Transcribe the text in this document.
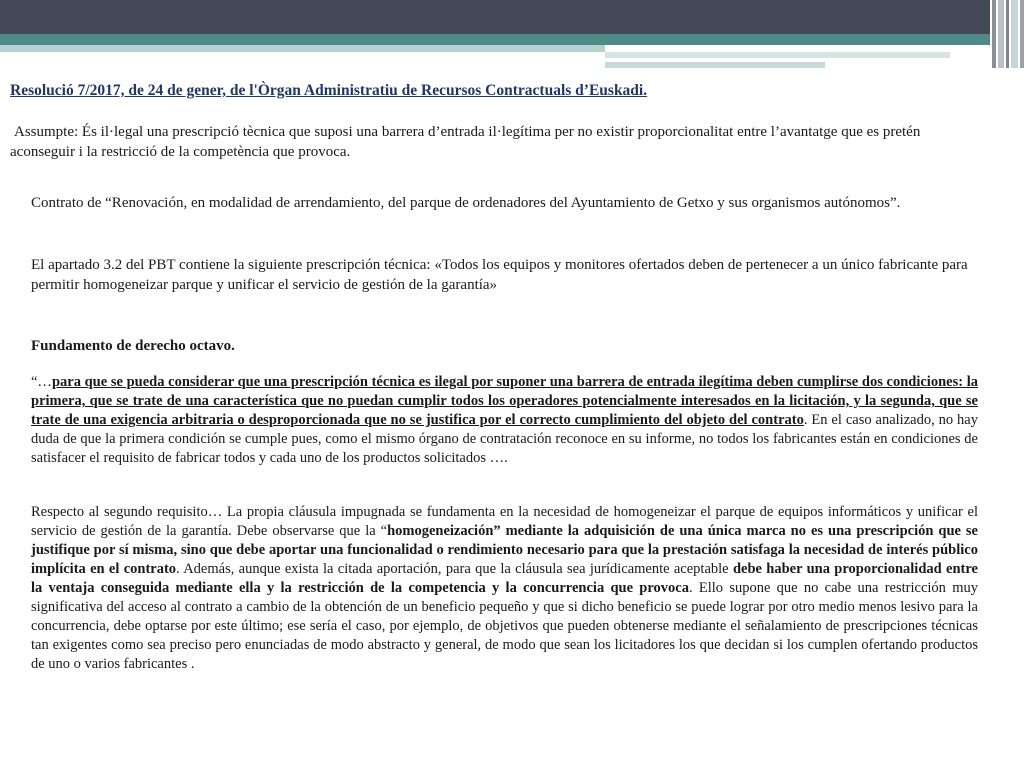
Resolució 7/2017, de 24 de gener, de l'Òrgan Administratiu de Recursos Contractuals d’Euskadi.
Assumpte: És il·legal una prescripció tècnica que suposi una barrera d’entrada il·legítima per no existir proporcionalitat entre l’avantatge que es pretén aconseguir i la restricció de la competència que provoca.
Contrato de “Renovación, en modalidad de arrendamiento, del parque de ordenadores del Ayuntamiento de Getxo y sus organismos autónomos”.
El apartado 3.2 del PBT contiene la siguiente prescripción técnica: «Todos los equipos y monitores ofertados deben de pertenecer a un único fabricante para permitir homogeneizar parque y unificar el servicio de gestión de la garantía»
Fundamento de derecho octavo.
“…para que se pueda considerar que una prescripción técnica es ilegal por suponer una barrera de entrada ilegítima deben cumplirse dos condiciones: la primera, que se trate de una característica que no puedan cumplir todos los operadores potencialmente interesados en la licitación, y la segunda, que se trate de una exigencia arbitraria o desproporcionada que no se justifica por el correcto cumplimiento del objeto del contrato. En el caso analizado, no hay duda de que la primera condición se cumple pues, como el mismo órgano de contratación reconoce en su informe, no todos los fabricantes están en condiciones de satisfacer el requisito de fabricar todos y cada uno de los productos solicitados ….
Respecto al segundo requisito… La propia cláusula impugnada se fundamenta en la necesidad de homogeneizar el parque de equipos informáticos y unificar el servicio de gestión de la garantía. Debe observarse que la “homogeneización” mediante la adquisición de una única marca no es una prescripción que se justifique por sí misma, sino que debe aportar una funcionalidad o rendimiento necesario para que la prestación satisfaga la necesidad de interés público implícita en el contrato. Además, aunque exista la citada aportación, para que la cláusula sea jurídicamente aceptable debe haber una proporcionalidad entre la ventaja conseguida mediante ella y la restricción de la competencia y la concurrencia que provoca. Ello supone que no cabe una restricción muy significativa del acceso al contrato a cambio de la obtención de un beneficio pequeño y que si dicho beneficio se puede lograr por otro medio menos lesivo para la concurrencia, debe optarse por este último; ese sería el caso, por ejemplo, de objetivos que pueden obtenerse mediante el señalamiento de prescripciones técnicas tan exigentes como sea preciso pero enunciadas de modo abstracto y general, de modo que sean los licitadores los que decidan si los cumplen ofertando productos de uno o varios fabricantes .
